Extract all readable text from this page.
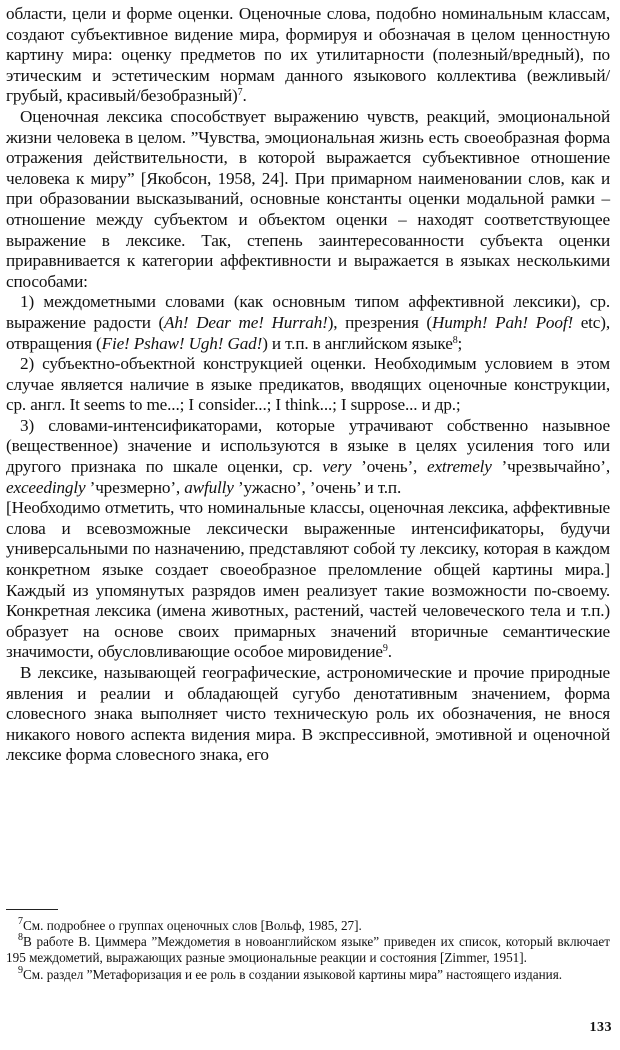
области, цели и форме оценки. Оценочные слова, подобно номинальным классам, создают субъективное видение мира, формируя и обозначая в целом ценностную картину мира: оценку предметов по их утилитарности (полезный/вредный), по этическим и эстетическим нормам данного языкового коллектива (вежливый/грубый, красивый/безобразный)$^7$.

Оценочная лексика способствует выражению чувств, реакций, эмоциональной жизни человека в целом. ”Чувства, эмоциональная жизнь есть своеобразная форма отражения действительности, в которой выражается субъективное отношение человека к миру” [Якобсон, 1958, 24]. При примарном наименовании слов, как и при образовании высказываний, основные константы оценки модальной рамки – отношение между субъектом и объектом оценки – находят соответствующее выражение в лексике. Так, степень заинтересованности субъекта оценки приравнивается к категории аффективности и выражается в языках несколькими способами:

1) междометными словами (как основным типом аффективной лексики), ср. выражение радости (Ah! Dear me! Hurrah!), презрения (Humph! Pah! Poof! etc), отвращения (Fie! Pshaw! Ugh! Gad!) и т.п. в английском языке$^8$;

2) субъектно-объектной конструкцией оценки. Необходимым условием в этом случае является наличие в языке предикатов, вводящих оценочные конструкции, ср. англ. It seems to me...; I consider...; I think...; I suppose... и др.;

3) словами-интенсификаторами, которые утрачивают собственно назывное (вещественное) значение и используются в языке в целях усиления того или другого признака по шкале оценки, ср. very ’очень’, extremely ’чрезвычайно’, exceedingly ’чрезмерно’, awfully ’ужасно’, ’очень’ и т.п.

[Необходимо отметить, что номинальные классы, оценочная лексика, аффективные слова и всевозможные лексически выраженные интенсификаторы, будучи универсальными по назначению, представляют собой ту лексику, которая в каждом конкретном языке создает своеобразное преломление общей картины мира.] Каждый из упомянутых разрядов имен реализует такие возможности по-своему. Конкретная лексика (имена животных, растений, частей человеческого тела и т.п.) образует на основе своих примарных значений вторичные семантические значимости, обусловливающие особое мировидение$^9$.

В лексике, называющей географические, астрономические и прочие природные явления и реалии и обладающей сугубо денотативным значением, форма словесного знака выполняет чисто техническую роль их обозначения, не внося никакого нового аспекта видения мира. В экспрессивной, эмотивной и оценочной лексике форма словесного знака, его

$^7$См. подробнее о группах оценочных слов [Вольф, 1985, 27].

$^8$В работе В. Циммера ”Междометия в новоанглийском языке” приведен их список, который включает 195 междометий, выражающих разные эмоциональные реакции и состояния [Zimmer, 1951].

$^9$См. раздел ”Метафоризация и ее роль в создании языковой картины мира” настоящего издания.

133
